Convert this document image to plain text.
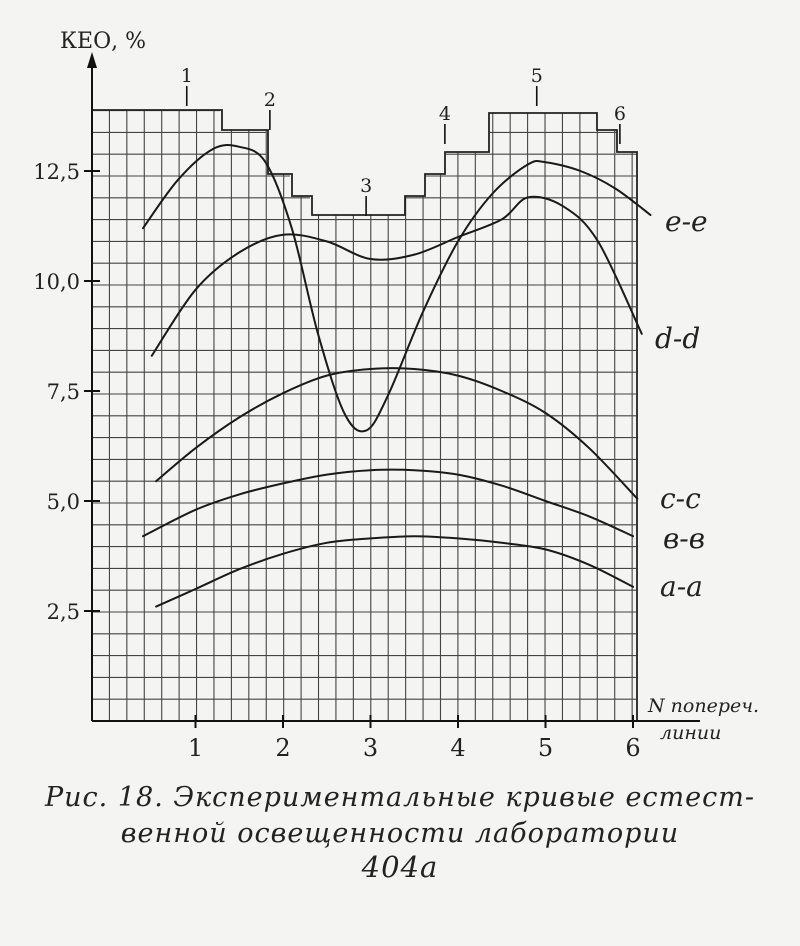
2,5
5,0
7,5
10,0
12,5
1	2	3	4	5	6
1
2
3
4
5
6
a-a
в-в
с-с
d-d
е-е
КЕО, %
N попереч.
линии
Рис. 18. Экспериментальные кривые естест-
венной освещенности лаборатории
404а
